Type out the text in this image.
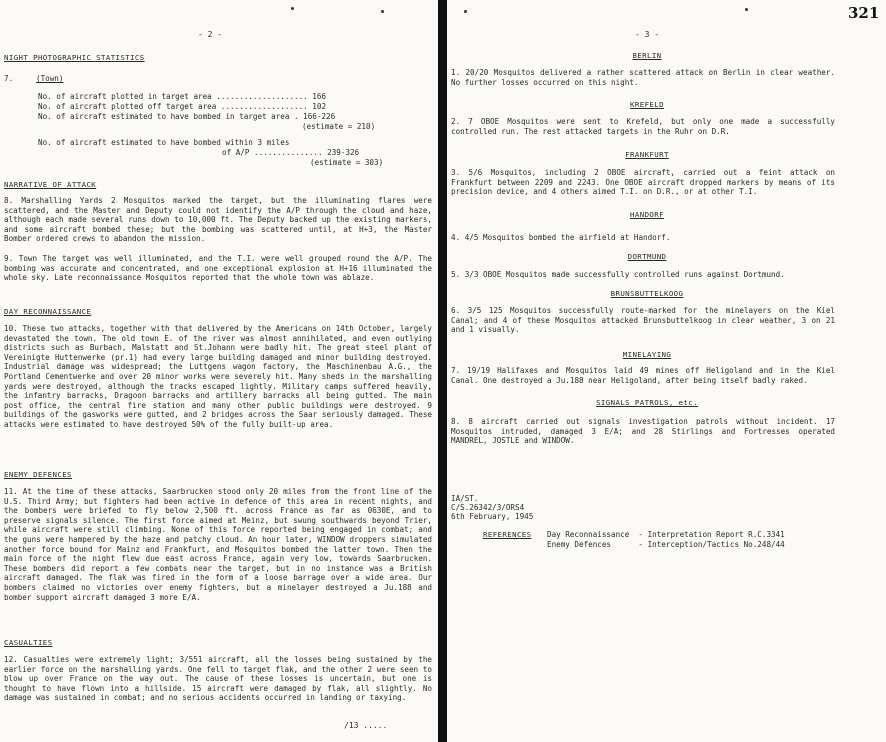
321
- 2 -
NIGHT PHOTOGRAPHIC STATISTICS
7.	(Town)
No. of aircraft plotted in target area .................... 166
No. of aircraft plotted off target area ................... 102
No. of aircraft estimated to have bombed in target area . 166-226
(estimate = 210)
No. of aircraft estimated to have bombed within 3 miles
of A/P ............... 239-326
(estimate = 303)
NARRATIVE OF ATTACK
8. Marshalling Yards 2 Mosquitos marked the target, but the illuminating flares were scattered, and the Master and Deputy could not identify the A/P through the cloud and haze, although each made several runs down to 10,000 ft. The Deputy backed up the existing markers, and some aircraft bombed these; but the bombing was scattered until, at H+3, the Master Bomber ordered crews to abandon the mission.
9. Town The target was well illuminated, and the T.I. were well grouped round the A/P. The bombing was accurate and concentrated, and one exceptional explosion at H+16 illuminated the whole sky. Late reconnaissance Mosquitos reported that the whole town was ablaze.
DAY RECONNAISSANCE
10. These two attacks, together with that delivered by the Americans on 14th October, largely devastated the town. The old town E. of the river was almost annihilated, and even outlying districts such as Burbach, Malstatt and St.Johann were badly hit. The great steel plant of Vereinigte Huttenwerke (pr.1) had every large building damaged and minor building destroyed. Industrial damage was widespread; the Luttgens wagon factory, the Maschinenbau A.G., the Portland Cementwerke and over 20 minor works were severely hit. Many sheds in the marshalling yards were destroyed, although the tracks escaped lightly. Military camps suffered heavily, the infantry barracks, Dragoon barracks and artillery barracks all being gutted. The main post office, the central fire station and many other public buildings were destroyed. 9 buildings of the gasworks were gutted, and 2 bridges across the Saar seriously damaged. These attacks were estimated to have destroyed 50% of the fully built-up area.
ENEMY DEFENCES
11. At the time of these attacks, Saarbrucken stood only 20 miles from the front line of the U.S. Third Army; but fighters had been active in defence of this area in recent nights, and the bombers were briefed to fly below 2,500 ft. across France as far as 0630E, and to preserve signals silence. The first force aimed at Meinz, but swung southwards beyond Trier, while aircraft were still climbing. None of this force reported being engaged in combat; and the guns were hampered by the haze and patchy cloud. An hour later, WINDOW droppers simulated another force bound for Mainz and Frankfurt, and Mosquitos bombed the latter town. Then the main force of the night flew due east across France, again very low, towards Saarbrucken. These bombers did report a few combats near the target, but in no instance was a British aircraft damaged. The flak was fired in the form of a loose barrage over a wide area. Our bombers claimed no victories over enemy fighters, but a minelayer destroyed a Ju.188 and bomber support aircraft damaged 3 more E/A.
CASUALTIES
12. Casualties were extremely light; 3/551 aircraft, all the losses being sustained by the earlier force on the marshalling yards. One fell to target flak, and the other 2 were seen to blow up over France on the way out. The cause of these losses is uncertain, but one is thought to have flown into a hillside. 15 aircraft were damaged by flak, all slightly. No damage was sustained in combat; and no serious accidents occurred in landing or taxying.
/13 .....
- 3 -
BERLIN
1. 20/20 Mosquitos delivered a rather scattered attack on Berlin in clear weather. No further losses occurred on this night.
KREFELD
2. 7 OBOE Mosquitos were sent to Krefeld, but only one made a successfully controlled run. The rest attacked targets in the Ruhr on D.R.
FRANKFURT
3. 5/6 Mosquitos, including 2 OBOE aircraft, carried out a feint attack on Frankfurt between 2209 and 2243. One OBOE aircraft dropped markers by means of its precision device, and 4 others aimed T.I. on D.R., or at other T.I.
HANDORF
4. 4/5 Mosquitos bombed the airfield at Handorf.
DORTMUND
5. 3/3 OBOE Mosquitos made successfully controlled runs against Dortmund.
BRUNSBUTTELKOOG
6. 3/5 125 Mosquitos successfully route-marked for the minelayers on the Kiel Canal; and 4 of these Mosquitos attacked Brunsbuttelkoog in clear weather, 3 on 21 and 1 visually.
MINELAYING
7. 19/19 Halifaxes and Mosquitos laid 49 mines off Heligoland and in the Kiel Canal. One destroyed a Ju.188 near Heligoland, after being itself badly raked.
SIGNALS PATROLS, etc.
8. 8 aircraft carried out signals investigation patrols without incident. 17 Mosquitos intruded, damaged 3 E/A; and 28 Stirlings and Fortresses operated MANDREL, JOSTLE and WINDOW.
IA/ST.
C/S.26342/3/ORS4
6th February, 1945
REFERENCES Day Reconnaissance  - Interpretation Report R.C.3341
Enemy Defences      - Interception/Tactics No.248/44
